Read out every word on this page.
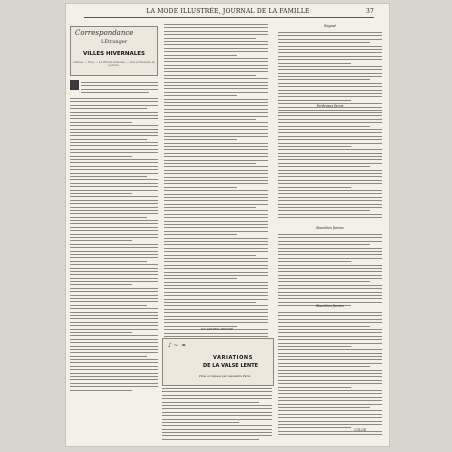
LA MODE ILLUSTRÉE, JOURNAL DE LA FAMILLE	37
Correspondance
LÉtranger
VILLES HIVERNALES
Cannes. — Nice. — La Riviera italienne. — Une promenade en gondole.
UN ANCIEN ABONNÉ
♪ ~ ❧
VARIATIONS
DE LA VALSE LENTE
Prisé et réglées par Alexandre Paris.
Ragout
Perdreaux farcis
Bouchées farcies
Bouchées farcies
COLOE
